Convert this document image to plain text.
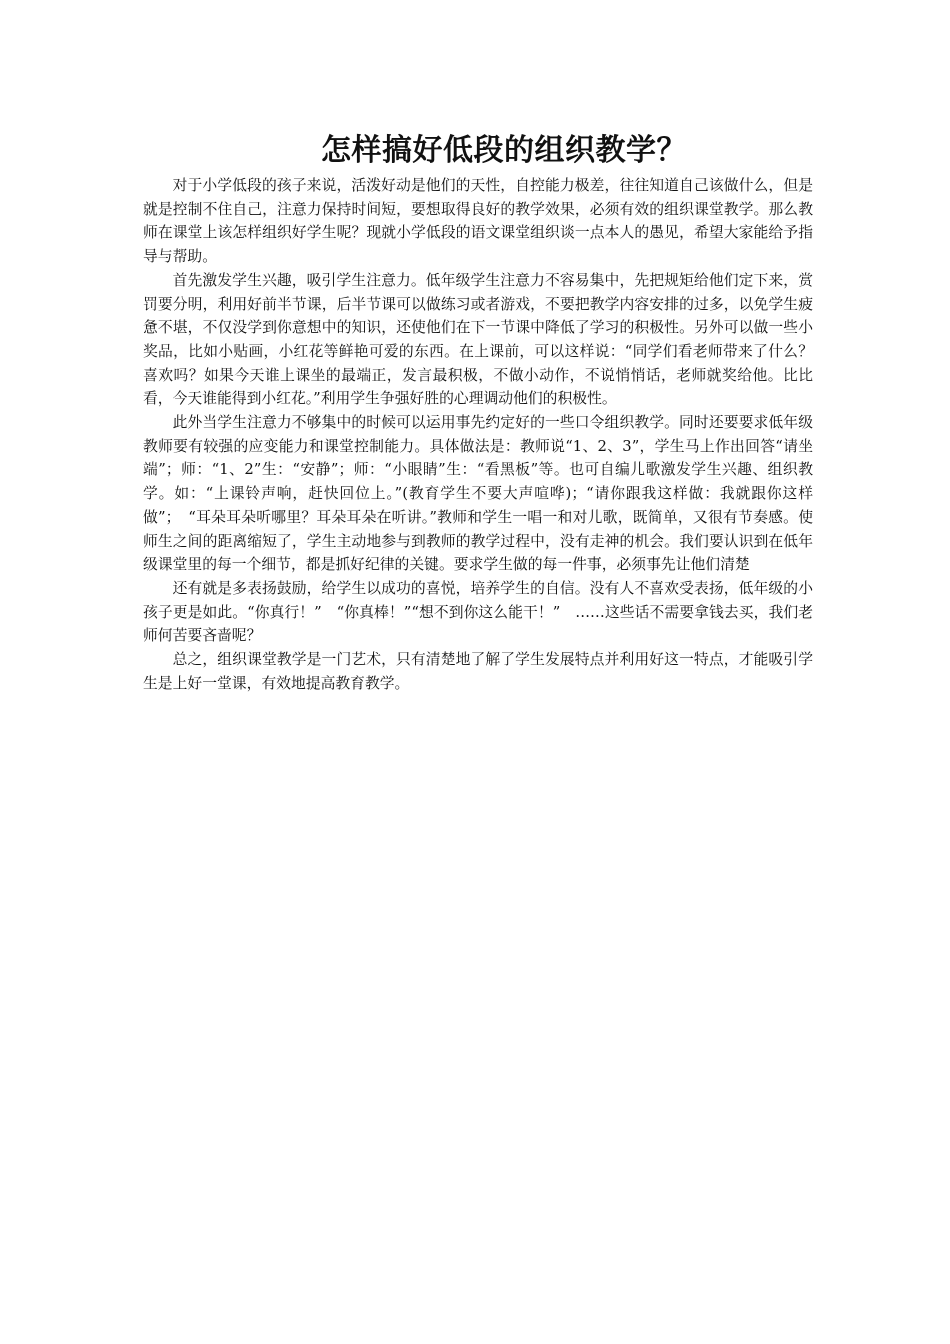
怎样搞好低段的组织教学？

对于小学低段的孩子来说，活泼好动是他们的天性，自控能力极差，往往知道自己该做什么，但是就是控制不住自己，注意力保持时间短，要想取得良好的教学效果，必须有效的组织课堂教学。那么教师在课堂上该怎样组织好学生呢？现就小学低段的语文课堂组织谈一点本人的愚见，希望大家能给予指导与帮助。

首先激发学生兴趣，吸引学生注意力。低年级学生注意力不容易集中，先把规矩给他们定下来，赏罚要分明，利用好前半节课，后半节课可以做练习或者游戏，不要把教学内容安排的过多，以免学生疲惫不堪，不仅没学到你意想中的知识，还使他们在下一节课中降低了学习的积极性。另外可以做一些小奖品，比如小贴画，小红花等鲜艳可爱的东西。在上课前，可以这样说：“同学们看老师带来了什么？喜欢吗？如果今天谁上课坐的最端正，发言最积极，不做小动作，不说悄悄话，老师就奖给他。比比看，今天谁能得到小红花。”利用学生争强好胜的心理调动他们的积极性。

此外当学生注意力不够集中的时候可以运用事先约定好的一些口令组织教学。同时还要要求低年级教师要有较强的应变能力和课堂控制能力。具体做法是：教师说“1、2、3”，学生马上作出回答“请坐端”；师：“1、2”生：“安静”；师：“小眼睛”生：“看黑板”等。也可自编儿歌激发学生兴趣、组织教学。如：“上课铃声响，赶快回位上。”(教育学生不要大声喧哗)；“请你跟我这样做：我就跟你这样做”；　“耳朵耳朵听哪里？耳朵耳朵在听讲。”教师和学生一唱一和对儿歌，既简单，又很有节奏感。使师生之间的距离缩短了，学生主动地参与到教师的教学过程中，没有走神的机会。我们要认识到在低年级课堂里的每一个细节，都是抓好纪律的关键。要求学生做的每一件事，必须事先让他们清楚

还有就是多表扬鼓励，给学生以成功的喜悦，培养学生的自信。没有人不喜欢受表扬，低年级的小孩子更是如此。“你真行！”　“你真棒！”“想不到你这么能干！”　……这些话不需要拿钱去买，我们老师何苦要吝啬呢？

总之，组织课堂教学是一门艺术，只有清楚地了解了学生发展特点并利用好这一特点，才能吸引学生是上好一堂课，有效地提高教育教学。
